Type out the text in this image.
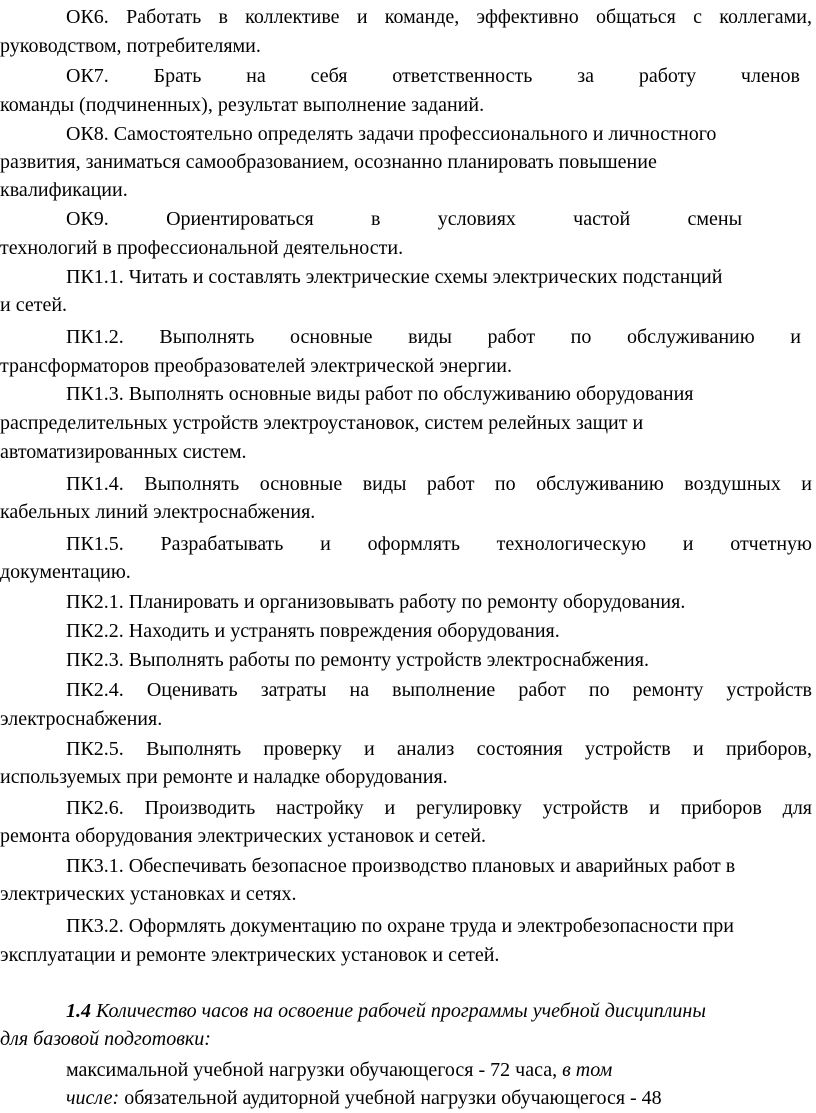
ОК6. Работать в коллективе и команде, эффективно общаться с коллегами,
руководством, потребителями.
ОК7. Брать на себя ответственность за работу членов
команды (подчиненных), результат выполнение заданий.
ОК8. Самостоятельно определять задачи профессионального и личностного
развития, заниматься самообразованием, осознанно планировать повышение
квалификации.
ОК9.	Ориентироваться в условиях частой смены
технологий в профессиональной деятельности.
ПК1.1. Читать и составлять электрические схемы электрических подстанций
и сетей.
ПК1.2. Выполнять основные виды работ по обслуживанию и
трансформаторов преобразователей электрической энергии.
ПК1.3. Выполнять основные виды работ по обслуживанию оборудования
распределительных устройств электроустановок, систем релейных защит и
автоматизированных систем.
ПК1.4. Выполнять основные виды работ по обслуживанию воздушных и
кабельных линий электроснабжения.
ПК1.5. Разрабатывать и оформлять технологическую и отчетную
документацию.
ПК2.1. Планировать и организовывать работу по ремонту оборудования.
ПК2.2. Находить и устранять повреждения оборудования.
ПК2.3. Выполнять работы по ремонту устройств электроснабжения.
ПК2.4. Оценивать затраты на выполнение работ по ремонту устройств
электроснабжения.
ПК2.5. Выполнять проверку и анализ состояния устройств и приборов,
используемых при ремонте и наладке оборудования.
ПК2.6. Производить настройку и регулировку устройств и приборов для
ремонта оборудования электрических установок и сетей.
ПК3.1. Обеспечивать безопасное производство плановых и аварийных работ в
электрических установках и сетях.
ПК3.2. Оформлять документацию по охране труда и электробезопасности при
эксплуатации и ремонте электрических установок и сетей.
1.4 Количество часов на освоение рабочей программы учебной дисциплины
для базовой подготовки:
максимальной учебной нагрузки обучающегося - 72 часа, в том
числе: обязательной аудиторной учебной нагрузки обучающегося - 48
